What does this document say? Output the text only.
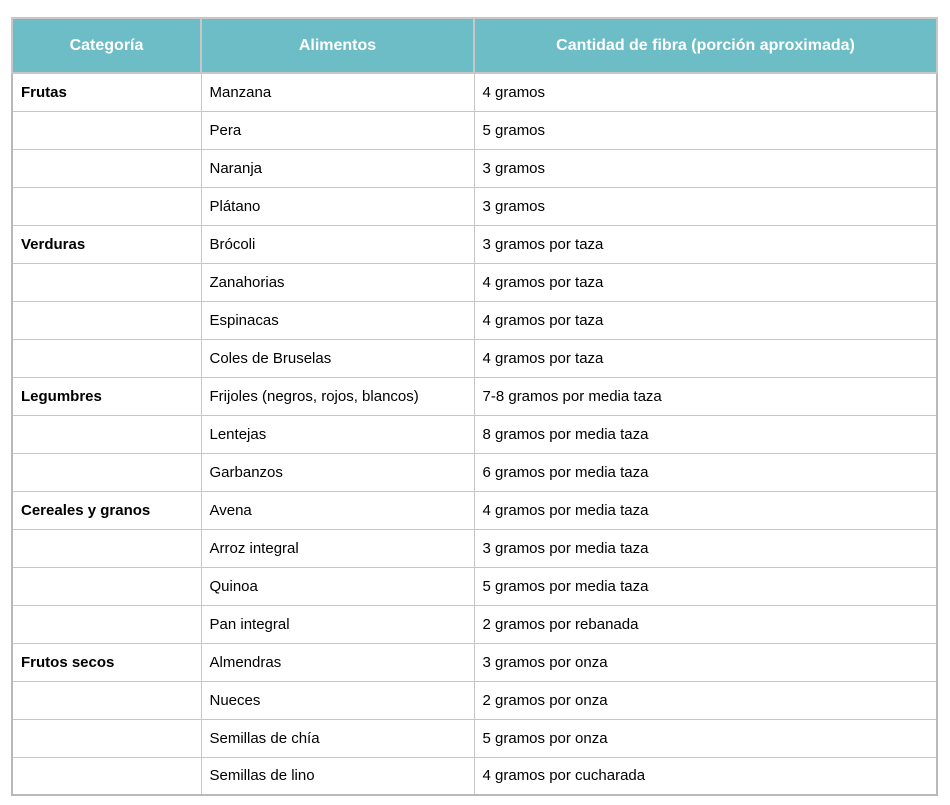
Categoría	Alimentos	Cantidad de fibra (porción aproximada)
Frutas	Manzana	4 gramos
	Pera	5 gramos
	Naranja	3 gramos
	Plátano	3 gramos
Verduras	Brócoli	3 gramos por taza
	Zanahorias	4 gramos por taza
	Espinacas	4 gramos por taza
	Coles de Bruselas	4 gramos por taza
Legumbres	Frijoles (negros, rojos, blancos)	7-8 gramos por media taza
	Lentejas	8 gramos por media taza
	Garbanzos	6 gramos por media taza
Cereales y granos	Avena	4 gramos por media taza
	Arroz integral	3 gramos por media taza
	Quinoa	5 gramos por media taza
	Pan integral	2 gramos por rebanada
Frutos secos	Almendras	3 gramos por onza
	Nueces	2 gramos por onza
	Semillas de chía	5 gramos por onza
	Semillas de lino	4 gramos por cucharada
